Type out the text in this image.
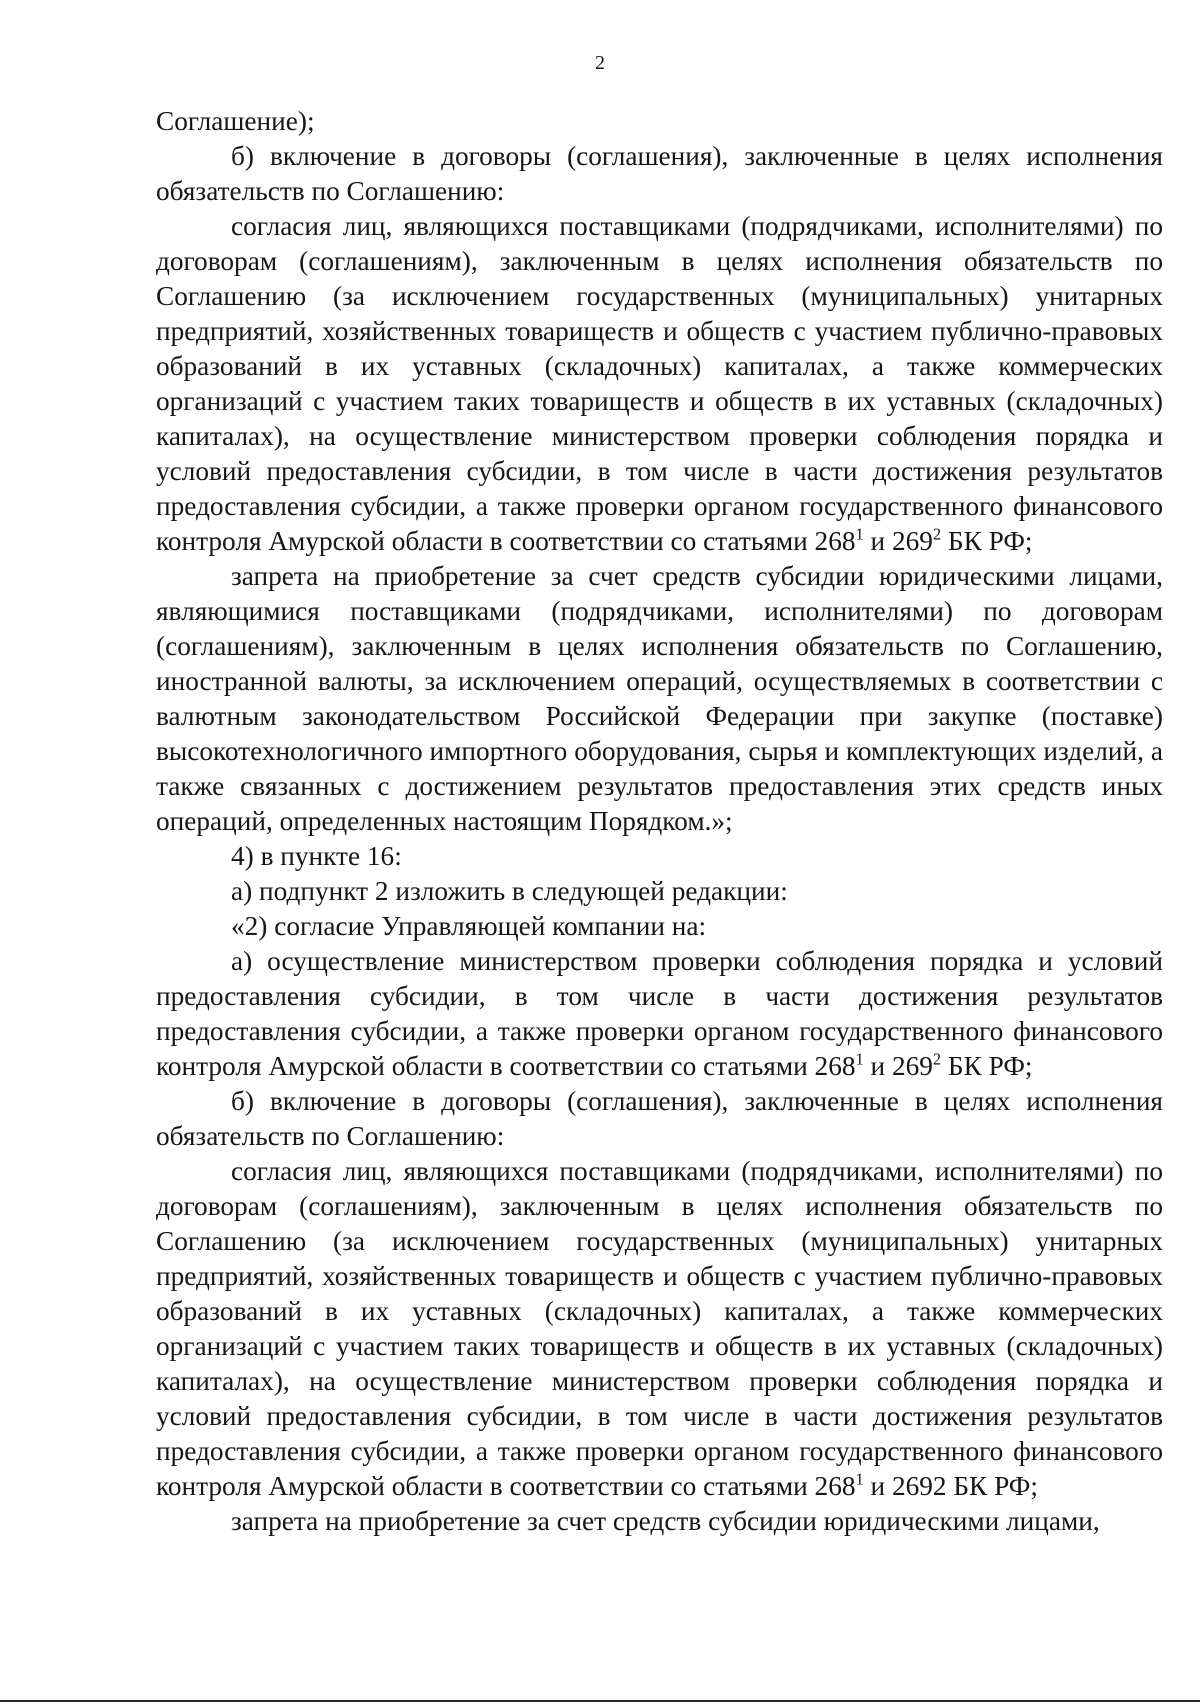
2

Соглашение);

б) включение в договоры (соглашения), заключенные в целях исполнения обязательств по Соглашению:

согласия лиц, являющихся поставщиками (подрядчиками, исполнителями) по договорам (соглашениям), заключенным в целях исполнения обязательств по Соглашению (за исключением государственных (муниципальных) унитарных предприятий, хозяйственных товариществ и обществ с участием публично-правовых образований в их уставных (складочных) капиталах, а также коммерческих организаций с участием таких товариществ и обществ в их уставных (складочных) капиталах), на осуществление министерством проверки соблюдения порядка и условий предоставления субсидии, в том числе в части достижения результатов предоставления субсидии, а также проверки органом государственного финансового контроля Амурской области в соответствии со статьями $268^1$ и $269^2$ БК РФ;

запрета на приобретение за счет средств субсидии юридическими лицами, являющимися поставщиками (подрядчиками, исполнителями) по договорам (соглашениям), заключенным в целях исполнения обязательств по Соглашению, иностранной валюты, за исключением операций, осуществляемых в соответствии с валютным законодательством Российской Федерации при закупке (поставке) высокотехнологичного импортного оборудования, сырья и комплектующих изделий, а также связанных с достижением результатов предоставления этих средств иных операций, определенных настоящим Порядком.»;

4) в пункте 16:

а) подпункт 2 изложить в следующей редакции:

«2) согласие Управляющей компании на:

а) осуществление министерством проверки соблюдения порядка и условий предоставления субсидии, в том числе в части достижения результатов предоставления субсидии, а также проверки органом государственного финансового контроля Амурской области в соответствии со статьями $268^1$ и $269^2$ БК РФ;

б) включение в договоры (соглашения), заключенные в целях исполнения обязательств по Соглашению:

согласия лиц, являющихся поставщиками (подрядчиками, исполнителями) по договорам (соглашениям), заключенным в целях исполнения обязательств по Соглашению (за исключением государственных (муниципальных) унитарных предприятий, хозяйственных товариществ и обществ с участием публично-правовых образований в их уставных (складочных) капиталах, а также коммерческих организаций с участием таких товариществ и обществ в их уставных (складочных) капиталах), на осуществление министерством проверки соблюдения порядка и условий предоставления субсидии, в том числе в части достижения результатов предоставления субсидии, а также проверки органом государственного финансового контроля Амурской области в соответствии со статьями $268^1$ и 2692 БК РФ;

запрета на приобретение за счет средств субсидии юридическими лицами,
